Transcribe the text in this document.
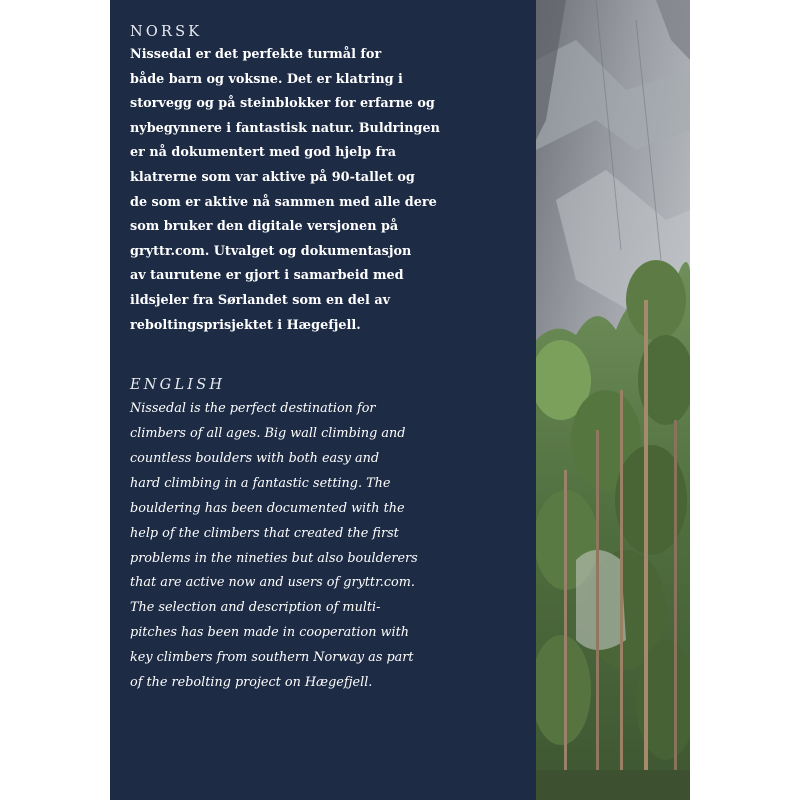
NORSK
Nissedal er det perfekte turmål for
både barn og voksne. Det er klatring i
storvegg og på steinblokker for erfarne og
nybegynnere i fantastisk natur. Buldringen
er nå dokumentert med god hjelp fra
klatrerne som var aktive på 90-tallet og
de som er aktive nå sammen med alle dere
som bruker den digitale versjonen på
gryttr.com. Utvalget og dokumentasjon
av taurutene er gjort i samarbeid med
ildsjeler fra Sørlandet som en del av
reboltingsprisjektet i Hægefjell.
ENGLISH
Nissedal is the perfect destination for
climbers of all ages. Big wall climbing and
countless boulders with both easy and
hard climbing in a fantastic setting. The
bouldering has been documented with the
help of the climbers that created the first
problems in the nineties but also boulderers
that are active now and users of gryttr.com.
The selection and description of multi-
pitches has been made in cooperation with
key climbers from southern Norway as part
of the rebolting project on Hægefjell.
